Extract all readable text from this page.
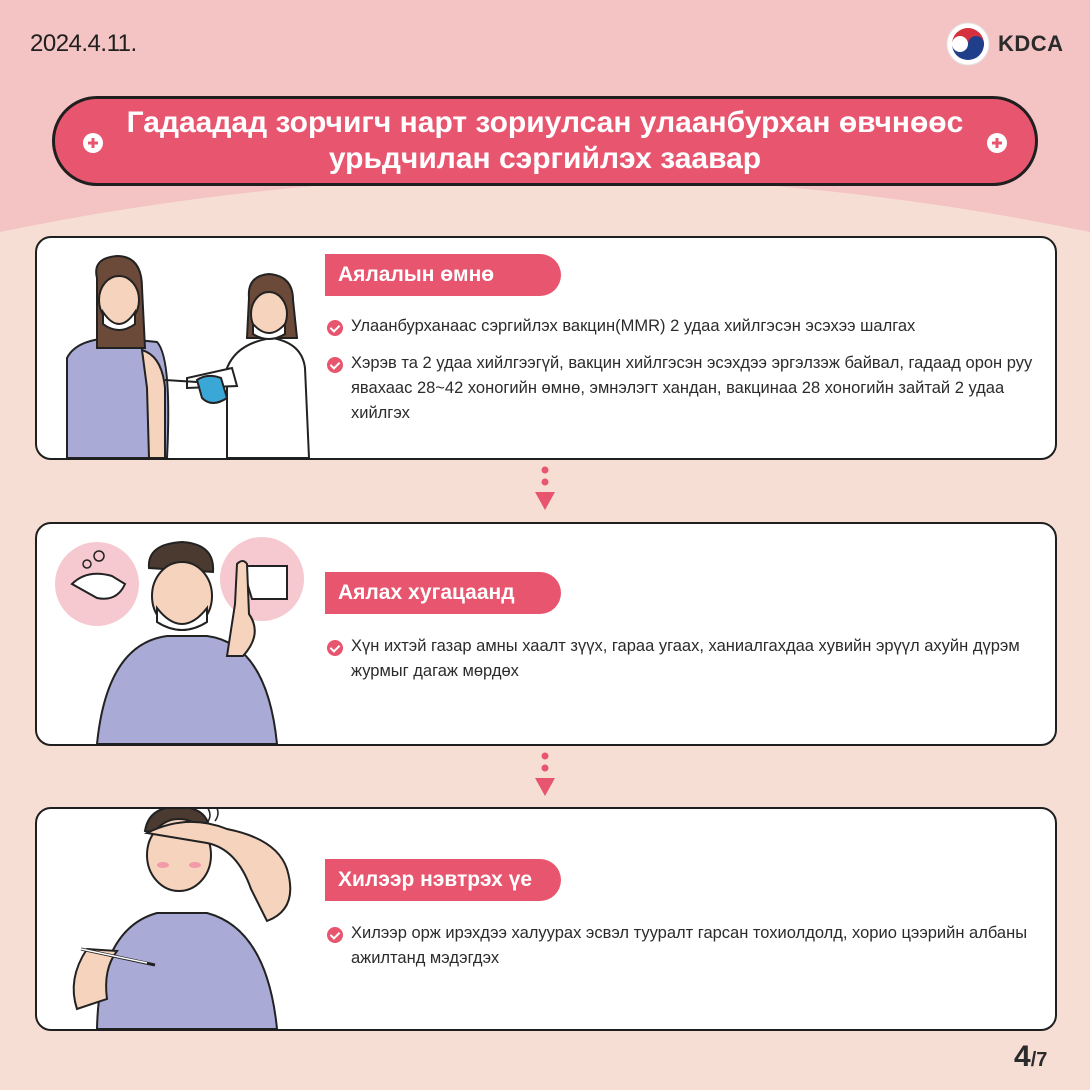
2024.4.11.	KDCA
Гадаадад зорчигч нарт зориулсан улаанбурхан өвчнөөс
урьдчилан сэргийлэх заавар
Аялалын өмнө
Улаанбурханаас сэргийлэх вакцин(MMR) 2 удаа хийлгэсэн эсэхээ шалгах
Хэрэв та 2 удаа хийлгээгүй, вакцин хийлгэсэн эсэхдээ эргэлзэж байвал, гадаад орон руу явахаас 28~42 хоногийн өмнө, эмнэлэгт хандан, вакцинаа 28 хоногийн зайтай 2 удаа хийлгэх
Аялах хугацаанд
Хүн ихтэй газар амны хаалт зүүх, гараа угаах, ханиалгахдаа хувийн эрүүл ахуйн дүрэм журмыг дагаж мөрдөх
Хилээр нэвтрэх үе
Хилээр орж ирэхдээ халуурах эсвэл тууралт гарсан тохиолдолд, хорио цээрийн албаны ажилтанд мэдэгдэх
4/7
